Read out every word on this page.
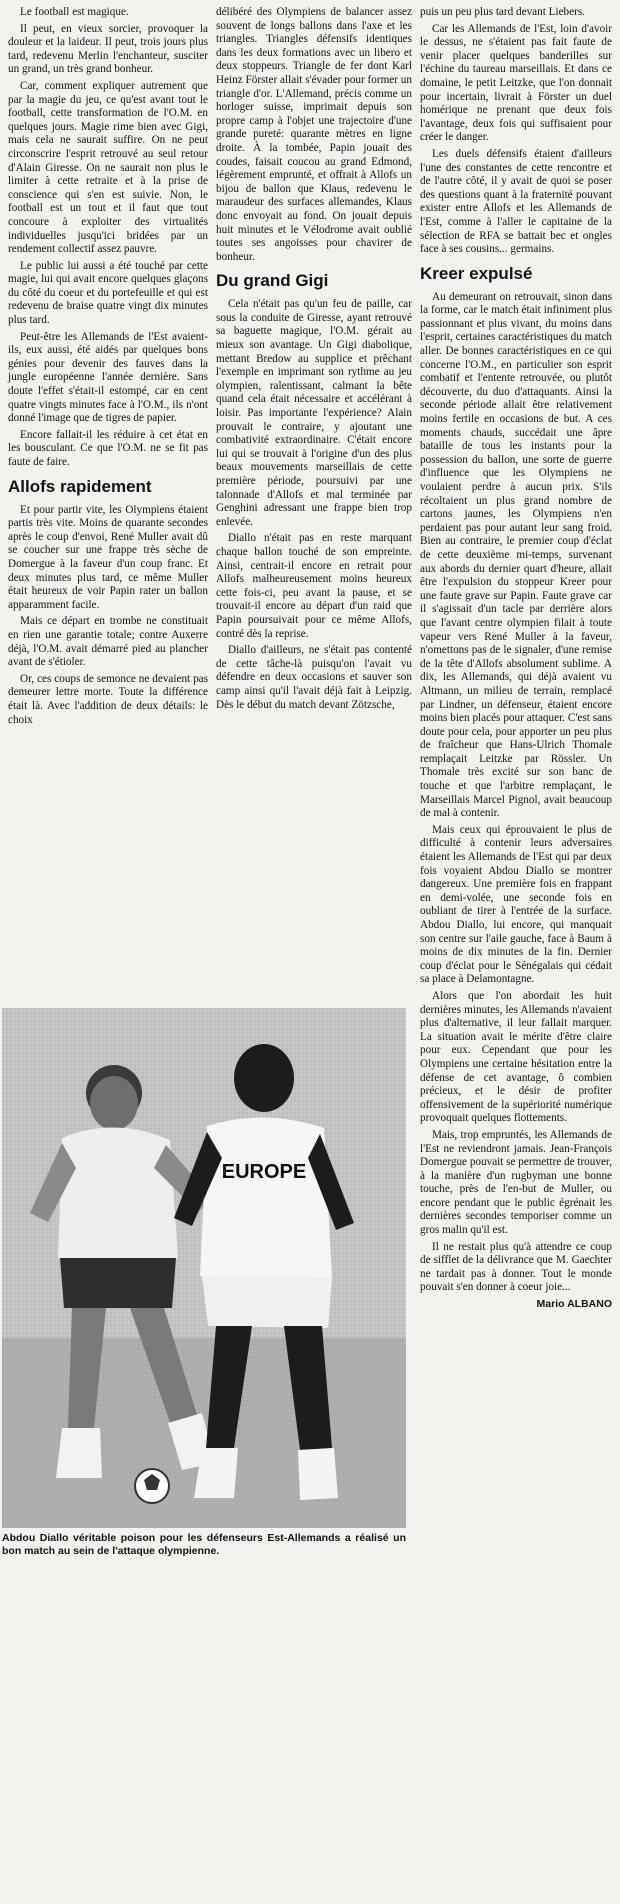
Le football est magique.

Il peut, en vieux sorcier, provoquer la douleur et la laideur. Il peut, trois jours plus tard, redevenu Merlin l'enchanteur, susciter un grand, un très grand bonheur.

Car, comment expliquer autrement que par la magie du jeu, ce qu'est avant tout le football, cette transformation de l'O.M. en quelques jours. Magie rime bien avec Gigi, mais cela ne saurait suffire. On ne peut circonscrire l'esprit retrouvé au seul retour d'Alain Giresse. On ne saurait non plus le limiter à cette retraite et à la prise de conscience qui s'en est suivie. Non, le football est un tout et il faut que tout concoure à exploiter des virtualités individuelles jusqu'ici bridées par un rendement collectif assez pauvre.

Le public lui aussi a été touché par cette magie, lui qui avait encore quelques glaçons du côté du coeur et du portefeuille et qui est redevenu de braise quatre vingt dix minutes plus tard.

Peut-être les Allemands de l'Est avaient-ils, eux aussi, été aidés par quelques bons génies pour devenir des fauves dans la jungle européenne l'année dernière. Sans doute l'effet s'était-il estompé, car en cent quatre vingts minutes face à l'O.M., ils n'ont donné l'image que de tigres de papier.

Encore fallait-il les réduire à cet état en les bousculant. Ce que l'O.M. ne se fit pas faute de faire.

Allofs rapidement

Et pour partir vite, les Olympiens étaient partis très vite. Moins de quarante secondes après le coup d'envoi, René Muller avait dû se coucher sur une frappe très sèche de Domergue à la faveur d'un coup franc. Et deux minutes plus tard, ce même Muller était heureux de voir Papin rater un ballon apparamment facile.

Mais ce départ en trombe ne constituait en rien une garantie totale; contre Auxerre déjà, l'O.M. avait démarré pied au plancher avant de s'étioler.

Or, ces coups de semonce ne devaient pas demeurer lettre morte. Toute la différence était là. Avec l'addition de deux détails: le choix

délibéré des Olympiens de balancer assez souvent de longs ballons dans l'axe et les triangles. Triangles défensifs identiques dans les deux formations avec un libero et deux stoppeurs. Triangle de fer dont Karl Heinz Förster allait s'évader pour former un triangle d'or. L'Allemand, précis comme un horloger suisse, imprimait depuis son propre camp à l'objet une trajectoire d'une grande pureté: quarante mètres en ligne droite. À la tombée, Papin jouait des coudes, faisait coucou au grand Edmond, légèrement emprunté, et offrait à Allofs un bijou de ballon que Klaus, redevenu le maraudeur des surfaces allemandes, Klaus donc envoyait au fond. On jouait depuis huit minutes et le Vélodrome avait oublié toutes ses angoisses pour chavirer de bonheur.

Du grand Gigi

Cela n'était pas qu'un feu de paille, car sous la conduite de Giresse, ayant retrouvé sa baguette magique, l'O.M. gérait au mieux son avantage. Un Gigi diabolique, mettant Bredow au supplice et prêchant l'exemple en imprimant son rythme au jeu olympien, ralentissant, calmant la bête quand cela était nécessaire et accélérant à loisir. Pas importante l'expérience? Alain prouvait le contraire, y ajoutant une combativité extraordinaire. C'était encore lui qui se trouvait à l'origine d'un des plus beaux mouvements marseillais de cette première période, poursuivi par une talonnade d'Allofs et mal terminée par Genghini adressant une frappe bien trop enlevée.

Diallo n'était pas en reste marquant chaque ballon touché de son empreinte. Ainsi, centrait-il encore en retrait pour Allofs malheureusement moins heureux cette fois-ci, peu avant la pause, et se trouvait-il encore au départ d'un raid que Papin poursuivait pour ce même Allofs, contré dès la reprise.

Diallo d'ailleurs, ne s'était pas contenté de cette tâche-là puisqu'on l'avait vu défendre en deux occasions et sauver son camp ainsi qu'il l'avait déjà fait à Leipzig. Dès le début du match devant Zötzsche,

puis un peu plus tard devant Liebers.

Car les Allemands de l'Est, loin d'avoir le dessus, ne s'étaient pas fait faute de venir placer quelques banderilles sur l'échine du taureau marseillais. Et dans ce domaine, le petit Leitzke, que l'on donnait pour incertain, livrait à Förster un duel homérique ne prenant que deux fois l'avantage, deux fois qui suffisaient pour créer le danger.

Les duels défensifs étaient d'ailleurs l'une des constantes de cette rencontre et de l'autre côté, il y avait de quoi se poser des questions quant à la fraternité pouvant exister entre Allofs et les Allemands de l'Est, comme à l'aller le capitaine de la sélection de RFA se battait bec et ongles face à ses cousins... germains.

Kreer expulsé

Au demeurant on retrouvait, sinon dans la forme, car le match était infiniment plus passionnant et plus vivant, du moins dans l'esprit, certaines caractéristiques du match aller. De bonnes caractéristiques en ce qui concerne l'O.M., en particulier son esprit combatif et l'entente retrouvée, ou plutôt découverte, du duo d'attaquants. Ainsi la seconde période allait être relativement moins fertile en occasions de but. A ces moments chauds, succédait une âpre bataille de tous les instants pour la possession du ballon, une sorte de guerre d'influence que les Olympiens ne voulaient perdre à aucun prix. S'ils récoltaient un plus grand nombre de cartons jaunes, les Olympiens n'en perdaient pas pour autant leur sang froid. Bien au contraire, le premier coup d'éclat de cette deuxième mi-temps, survenant aux abords du dernier quart d'heure, allait être l'expulsion du stoppeur Kreer pour une faute grave sur Papin. Faute grave car il s'agissait d'un tacle par derrière alors que l'avant centre olympien filait à toute vapeur vers René Muller à la faveur, n'omettons pas de le signaler, d'une remise de la tête d'Allofs absolument sublime. A dix, les Allemands, qui déjà avaient vu Altmann, un milieu de terrain, remplacé par Lindner, un défenseur, étaient encore moins bien placés pour attaquer. C'est sans doute pour cela, pour apporter un peu plus de fraîcheur que Hans-Ulrich Thomale remplaçait Leitzke par Rössler. Un Thomale très excité sur son banc de touche et que l'arbitre remplaçant, le Marseillais Marcel Pignol, avait beaucoup de mal à contenir.

Mais ceux qui éprouvaient le plus de difficulté à contenir leurs adversaires étaient les Allemands de l'Est qui par deux fois voyaient Abdou Diallo se montrer dangereux. Une première fois en frappant en demi-volée, une seconde fois en oubliant de tirer à l'entrée de la surface. Abdou Diallo, lui encore, qui manquait son centre sur l'aile gauche, face à Baum à moins de dix minutes de la fin. Dernier coup d'éclat pour le Sénégalais qui cédait sa place à Delamontagne.

Alors que l'on abordait les huit dernières minutes, les Allemands n'avaient plus d'alternative, il leur fallait marquer. La situation avait le mérite d'être claire pour eux. Cependant que pour les Olympiens une certaine hésitation entre la défense de cet avantage, ô combien précieux, et le désir de profiter offensivement de la supériorité numérique provoquait quelques flottements.

Mais, trop empruntés, les Allemands de l'Est ne reviendront jamais. Jean-François Domergue pouvait se permettre de trouver, à la manière d'un rugbyman une bonne touche, près de l'en-but de Muller, ou encore pendant que le public égrénait les dernières secondes temporiser comme un gros malin qu'il est.

Il ne restait plus qu'à attendre ce coup de sifflet de la délivrance que M. Gaechter ne tardait pas à donner. Tout le monde pouvait s'en donner à coeur joie...

Mario ALBANO
EUROPE
Abdou Diallo véritable poison pour les défenseurs Est-Allemands a réalisé un bon match au sein de l'attaque olympienne.
